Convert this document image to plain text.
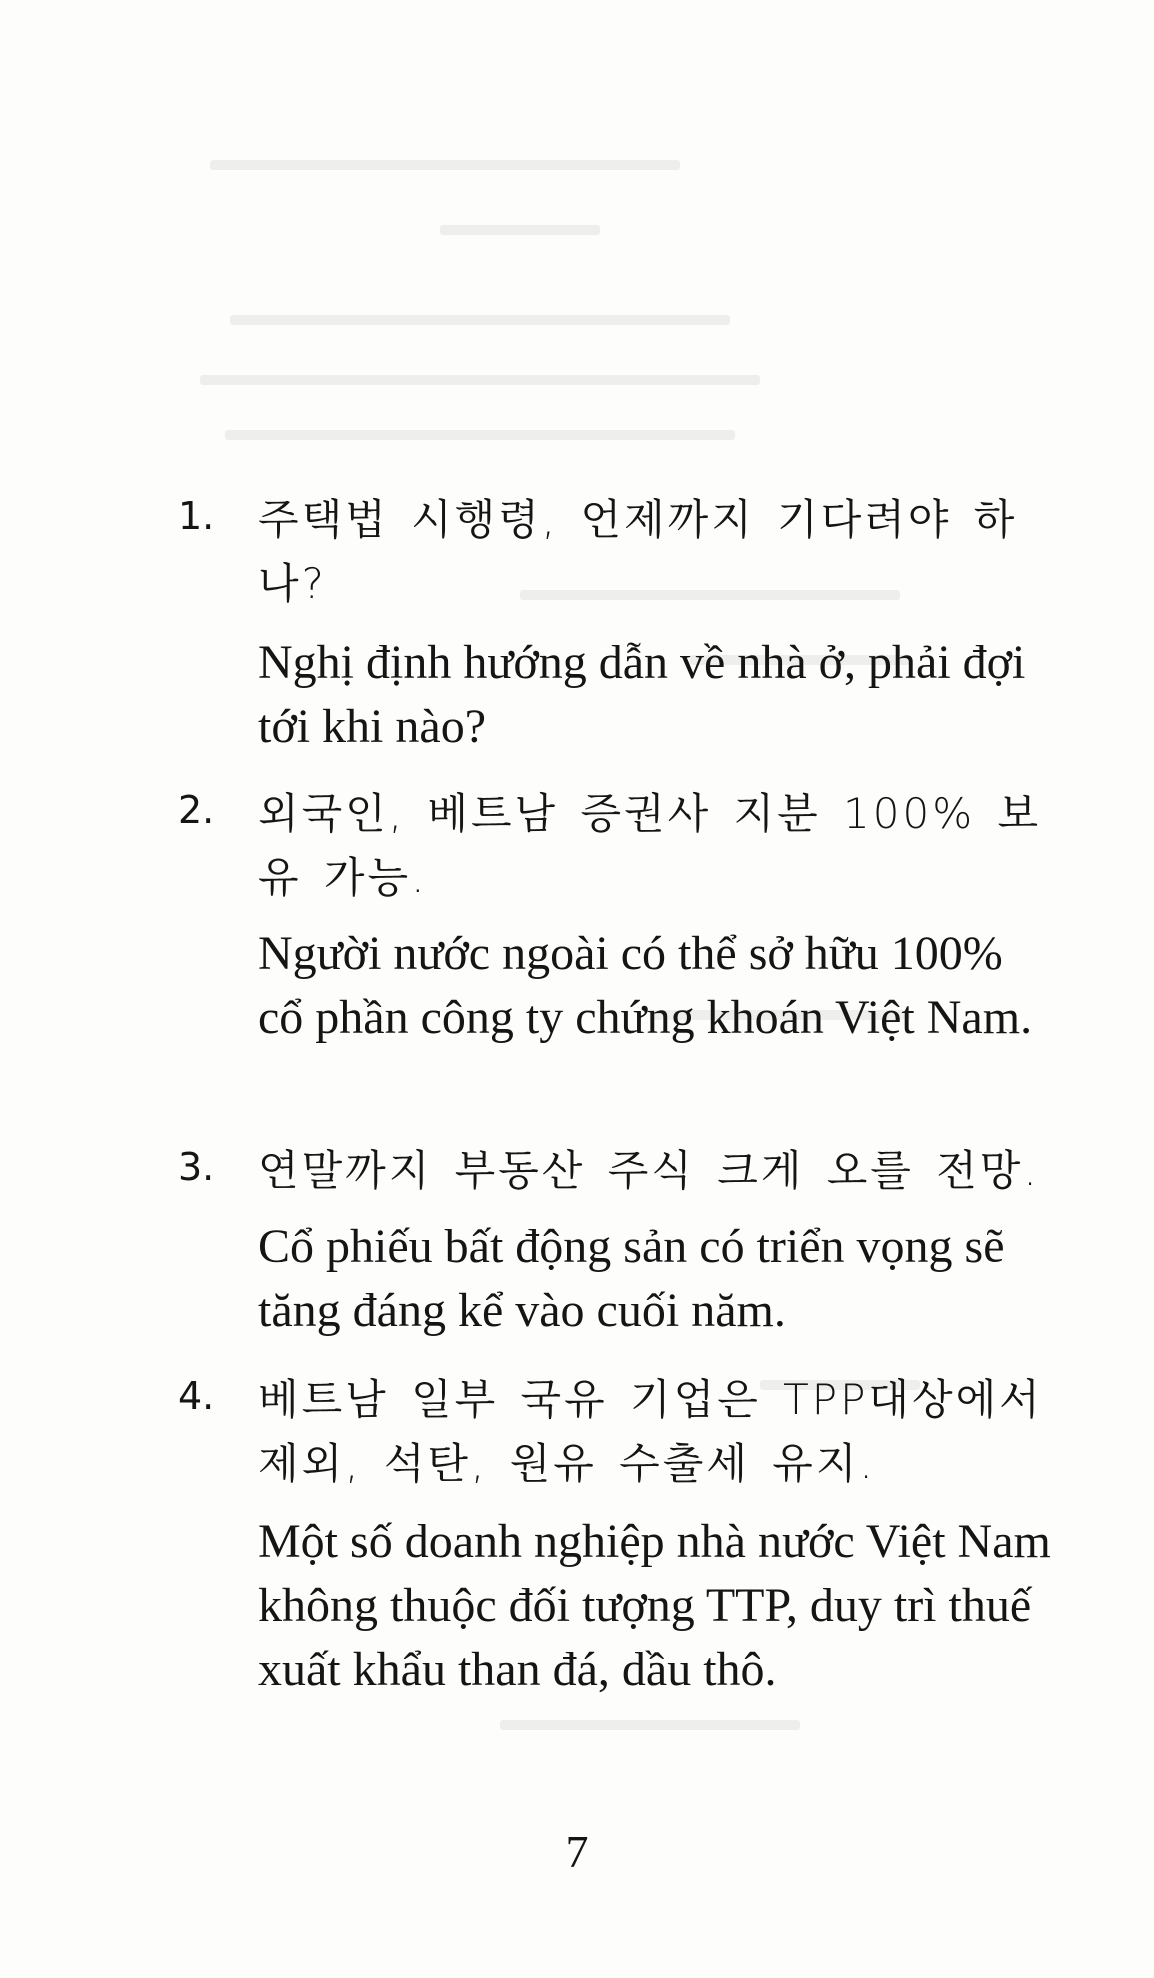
1. 주택법 시행령, 언제까지 기다려야 하나?
Nghị định hướng dẫn về nhà ở, phải đợi tới khi nào?
2. 외국인, 베트남 증권사 지분 100% 보유 가능.
Người nước ngoài có thể sở hữu 100% cổ phần công ty chứng khoán Việt Nam.
3. 연말까지 부동산 주식 크게 오를 전망.
Cổ phiếu bất động sản có triển vọng sẽ tăng đáng kể vào cuối năm.
4. 베트남 일부 국유 기업은 TPP대상에서 제외, 석탄, 원유 수출세 유지.
Một số doanh nghiệp nhà nước Việt Nam không thuộc đối tượng TTP, duy trì thuế xuất khẩu than đá, dầu thô.
7
